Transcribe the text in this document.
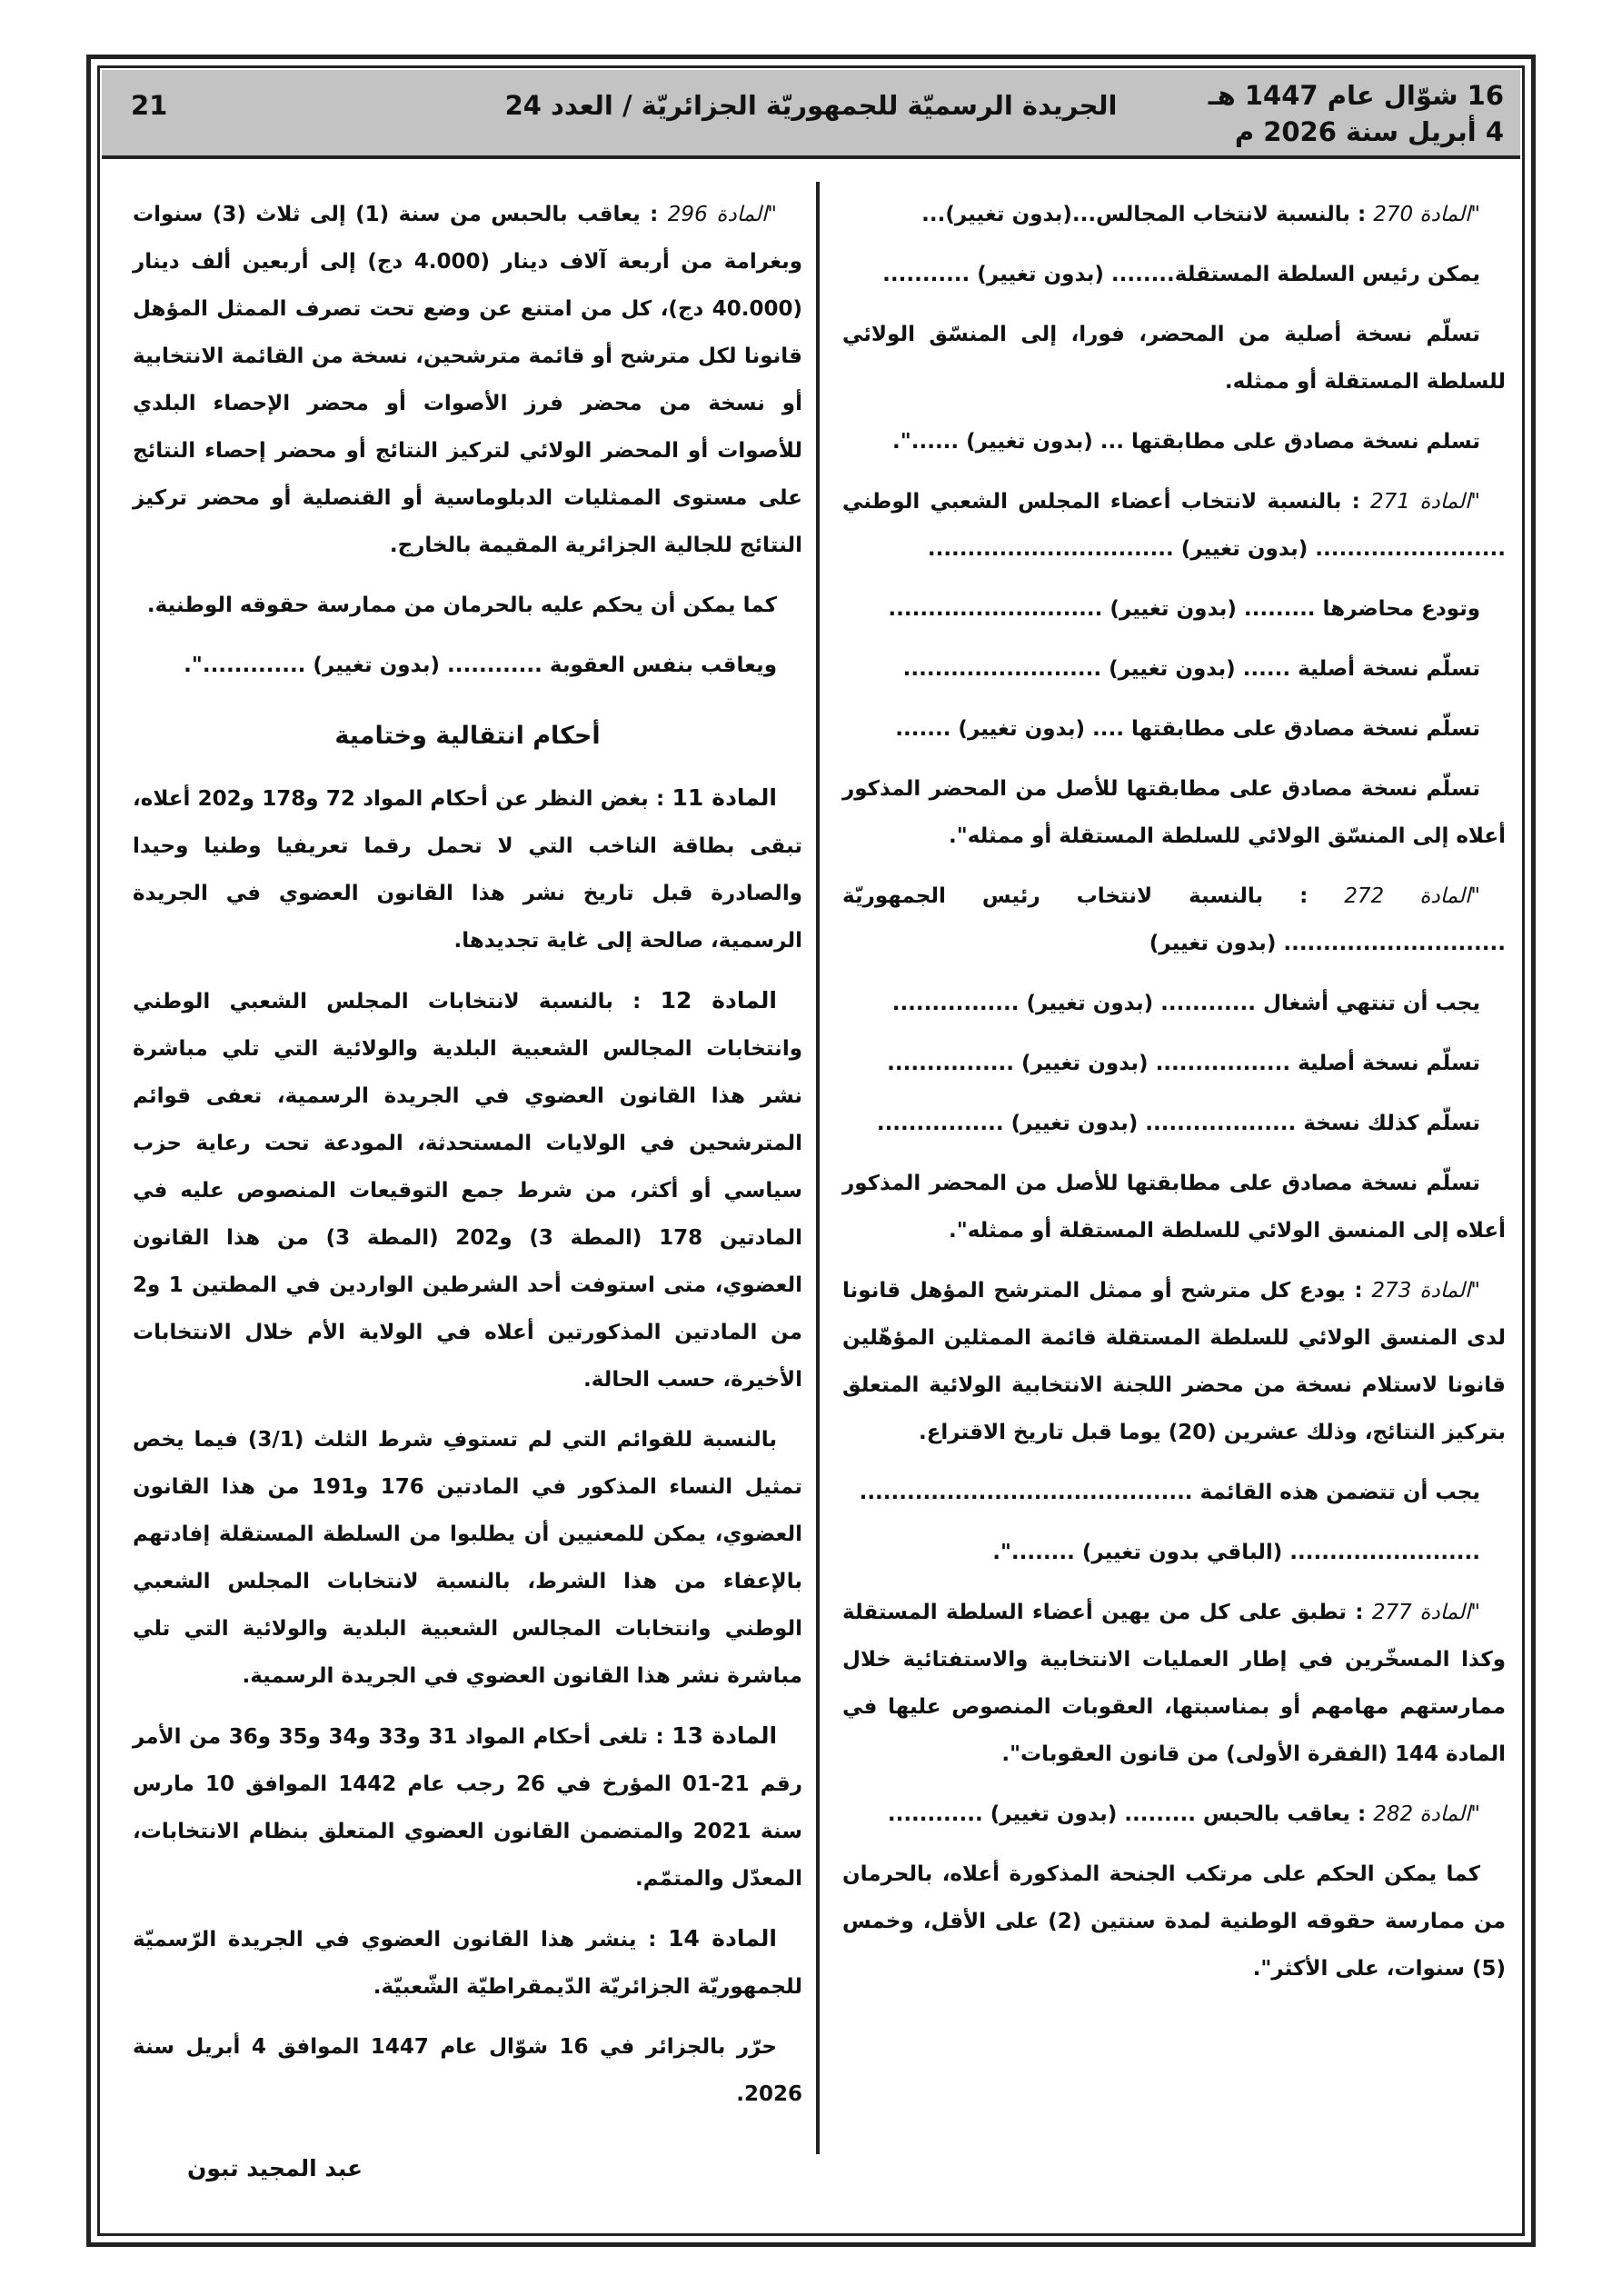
16 شوّال عام 1447 هـ
4 أبريل سنة 2026 م
الجريدة الرسميّة للجمهوريّة الجزائريّة / العدد 24
21

"المادة 270 : بالنسبة لانتخاب المجالس...(بدون تغيير)...

يمكن رئيس السلطة المستقلة........ (بدون تغيير) ...........

تسلّم نسخة أصلية من المحضر، فورا، إلى المنسّق الولائي للسلطة المستقلة أو ممثله.

تسلم نسخة مصادق على مطابقتها ... (بدون تغيير) ......".

"المادة 271 : بالنسبة لانتخاب أعضاء المجلس الشعبي الوطني ........................ (بدون تغيير) ...............................

وتودع محاضرها ......... (بدون تغيير) ...........................

تسلّم نسخة أصلية ...... (بدون تغيير) .........................

تسلّم نسخة مصادق على مطابقتها .... (بدون تغيير) .......

تسلّم نسخة مصادق على مطابقتها للأصل من المحضر المذكور أعلاه إلى المنسّق الولائي للسلطة المستقلة أو ممثله".

"المادة 272 : بالنسبة لانتخاب رئيس الجمهوريّة ............................ (بدون تغيير)

يجب أن تنتهي أشغال ............ (بدون تغيير) ................

تسلّم نسخة أصلية ................. (بدون تغيير) ................

تسلّم كذلك نسخة ................... (بدون تغيير) ................

تسلّم نسخة مصادق على مطابقتها للأصل من المحضر المذكور أعلاه إلى المنسق الولائي للسلطة المستقلة أو ممثله".

"المادة 273 : يودع كل مترشح أو ممثل المترشح المؤهل قانونا لدى المنسق الولائي للسلطة المستقلة قائمة الممثلين المؤهّلين قانونا لاستلام نسخة من محضر اللجنة الانتخابية الولائية المتعلق بتركيز النتائج، وذلك عشرين (20) يوما قبل تاريخ الاقتراع.

يجب أن تتضمن هذه القائمة ..........................................

........................ (الباقي بدون تغيير) ........".

"المادة 277 : تطبق على كل من يهين أعضاء السلطة المستقلة وكذا المسخّرين في إطار العمليات الانتخابية والاستفتائية خلال ممارستهم مهامهم أو بمناسبتها، العقوبات المنصوص عليها في المادة 144 (الفقرة الأولى) من قانون العقوبات".

"المادة 282 : يعاقب بالحبس ......... (بدون تغيير) ............

كما يمكن الحكم على مرتكب الجنحة المذكورة أعلاه، بالحرمان من ممارسة حقوقه الوطنية لمدة سنتين (2) على الأقل، وخمس (5) سنوات، على الأكثر".

"المادة 296 : يعاقب بالحبس من سنة (1) إلى ثلاث (3) سنوات وبغرامة من أربعة آلاف دينار (4.000 دج) إلى أربعين ألف دينار (40.000 دج)، كل من امتنع عن وضع تحت تصرف الممثل المؤهل قانونا لكل مترشح أو قائمة مترشحين، نسخة من القائمة الانتخابية أو نسخة من محضر فرز الأصوات أو محضر الإحصاء البلدي للأصوات أو المحضر الولائي لتركيز النتائج أو محضر إحصاء النتائج على مستوى الممثليات الدبلوماسية أو القنصلية أو محضر تركيز النتائج للجالية الجزائرية المقيمة بالخارج.

كما يمكن أن يحكم عليه بالحرمان من ممارسة حقوقه الوطنية.

ويعاقب بنفس العقوبة ............ (بدون تغيير) .............".

أحكام انتقالية وختامية

المادة 11 : بغض النظر عن أحكام المواد 72 و178 و202 أعلاه، تبقى بطاقة الناخب التي لا تحمل رقما تعريفيا وطنيا وحيدا والصادرة قبل تاريخ نشر هذا القانون العضوي في الجريدة الرسمية، صالحة إلى غاية تجديدها.

المادة 12 : بالنسبة لانتخابات المجلس الشعبي الوطني وانتخابات المجالس الشعبية البلدية والولائية التي تلي مباشرة نشر هذا القانون العضوي في الجريدة الرسمية، تعفى قوائم المترشحين في الولايات المستحدثة، المودعة تحت رعاية حزب سياسي أو أكثر، من شرط جمع التوقيعات المنصوص عليه في المادتين 178 (المطة 3) و202 (المطة 3) من هذا القانون العضوي، متى استوفت أحد الشرطين الواردين في المطتين 1 و2 من المادتين المذكورتين أعلاه في الولاية الأم خلال الانتخابات الأخيرة، حسب الحالة.

بالنسبة للقوائم التي لم تستوفِ شرط الثلث (3/1) فيما يخص تمثيل النساء المذكور في المادتين 176 و191 من هذا القانون العضوي، يمكن للمعنيين أن يطلبوا من السلطة المستقلة إفادتهم بالإعفاء من هذا الشرط، بالنسبة لانتخابات المجلس الشعبي الوطني وانتخابات المجالس الشعبية البلدية والولائية التي تلي مباشرة نشر هذا القانون العضوي في الجريدة الرسمية.

المادة 13 : تلغى أحكام المواد 31 و33 و34 و35 و36 من الأمر رقم 21-01 المؤرخ في 26 رجب عام 1442 الموافق 10 مارس سنة 2021 والمتضمن القانون العضوي المتعلق بنظام الانتخابات، المعدّل والمتمّم.

المادة 14 : ينشر هذا القانون العضوي في الجريدة الرّسميّة للجمهوريّة الجزائريّة الدّيمقراطيّة الشّعبيّة.

حرّر بالجزائر في 16 شوّال عام 1447 الموافق 4 أبريل سنة 2026.

عبد المجيد تبون
